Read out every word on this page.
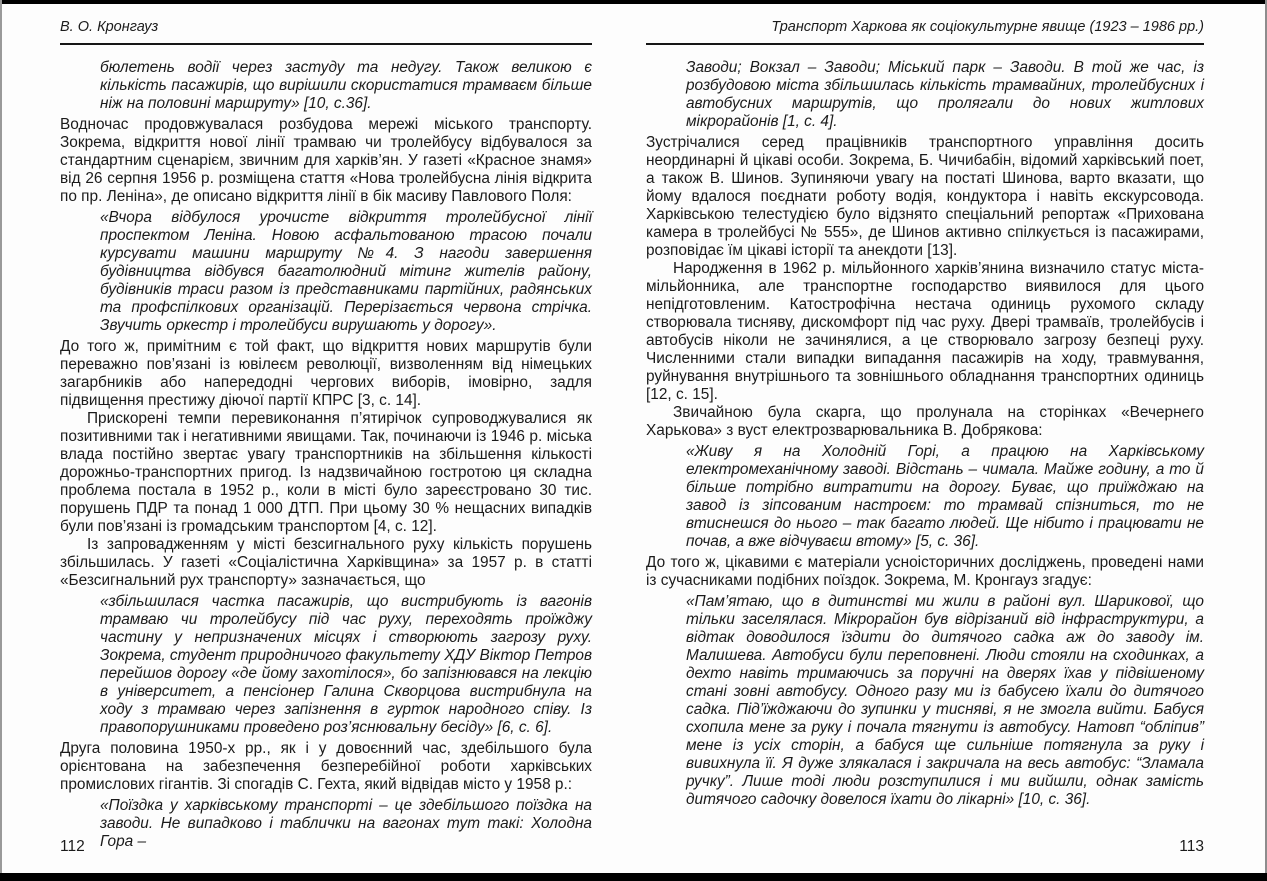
В. О. Кронгауз

бюлетень водії через застуду та недугу. Також великою є кількість пасажирів, що вирішили скористатися трамваєм більше ніж на половині маршруту» [10, с.36].

Водночас продовжувалася розбудова мережі міського транспорту. Зокрема, відкриття нової лінії трамваю чи тролейбусу відбувалося за стандартним сценарієм, звичним для харків’ян. У газеті «Красное знамя» від 26 серпня 1956 р. розміщена стаття «Нова тролейбусна лінія відкрита по пр. Леніна», де описано відкриття лінії в бік масиву Павлового Поля:

«Вчора відбулося урочисте відкриття тролейбусної лінії проспектом Леніна. Новою асфальтованою трасою почали курсувати машини маршруту №4. З нагоди завершення будівництва відбувся багатолюдний мітинг жителів району, будівників траси разом із представниками партійних, радянських та профспілкових організацій. Перерізається червона стрічка. Звучить оркестр і тролейбуси вирушають у дорогу».

До того ж, примітним є той факт, що відкриття нових маршрутів були переважно пов’язані із ювілеєм революції, визволенням від німецьких загарбників або напередодні чергових виборів, імовірно, задля підвищення престижу діючої партії КПРС [3, с. 14].

Прискорені темпи перевиконання п’ятирічок супроводжувалися як позитивними так і негативними явищами. Так, починаючи із 1946 р. міська влада постійно звертає увагу транспортників на збільшення кількості дорожньо-транспортних пригод. Із надзвичайною гостротою ця складна проблема постала в 1952 р., коли в місті було зареєстровано 30 тис. порушень ПДР та понад 1 000 ДТП. При цьому 30 % нещасних випадків були пов’язані із громадським транспортом [4, с. 12].

Із запровадженням у місті безсигнального руху кількість порушень збільшилась. У газеті «Соціалістична Харківщина» за 1957 р. в статті «Безсигнальний рух транспорту» зазначається, що

«збільшилася частка пасажирів, що вистрибують із вагонів трамваю чи тролейбусу під час руху, переходять проїжджу частину у непризначених місцях і створюють загрозу руху. Зокрема, студент природничого факультету ХДУ Віктор Петров перейшов дорогу «де йому захотілося», бо запізнювався на лекцію в університет, а пенсіонер Галина Скворцова вистрибнула на ходу з трамваю через запізнення в гурток народного співу. Із правопорушниками проведено роз’яснювальну бесіду» [6, с. 6].

Друга половина 1950-х рр., як і у довоєнний час, здебільшого була орієнтована на забезпечення безперебійної роботи харківських промислових гігантів. Зі спогадів С. Гехта, який відвідав місто у 1958 р.:

«Поїздка у харківському транспорті – це здебільшого поїздка на заводи. Не випадково і таблички на вагонах тут такі: Холодна Гора –

Транспорт Харкова як соціокультурне явище (1923 – 1986 рр.)

Заводи; Вокзал – Заводи; Міський парк – Заводи. В той же час, із розбудовою міста збільшилась кількість трамвайних, тролейбусних і автобусних маршрутів, що пролягали до нових житлових мікрорайонів [1, с. 4].

Зустрічалися серед працівників транспортного управління досить неординарні й цікаві особи. Зокрема, Б. Чичибабін, відомий харківський поет, а також В. Шинов. Зупиняючи увагу на постаті Шинова, варто вказати, що йому вдалося поєднати роботу водія, кондуктора і навіть екскурсовода. Харківською телестудією було відзнято спеціальний репортаж «Прихована камера в тролейбусі № 555», де Шинов активно спілкується із пасажирами, розповідає їм цікаві історії та анекдоти [13].

Народження в 1962 р. мільйонного харків’янина визначило статус міста-мільйонника, але транспортне господарство виявилося для цього непідготовленим. Катострофічна нестача одиниць рухомого складу створювала тисняву, дискомфорт під час руху. Двері трамваїв, тролейбусів і автобусів ніколи не зачинялися, а це створювало загрозу безпеці руху. Численними стали випадки випадання пасажирів на ходу, травмування, руйнування внутрішнього та зовнішнього обладнання транспортних одиниць [12, с. 15].

Звичайною була скарга, що пролунала на сторінках «Вечернего Харькова» з вуст електрозварювальника В. Добрякова:

«Живу я на Холодній Горі, а працюю на Харківському електромеханічному заводі. Відстань – чимала. Майже годину, а то й більше потрібно витратити на дорогу. Буває, що приїжджаю на завод із зіпсованим настроєм: то трамвай спізниться, то не втиснешся до нього – так багато людей. Ще нібито і працювати не почав, а вже відчуваєш втому» [5, с. 36].

До того ж, цікавими є матеріали усноісторичних досліджень, проведені нами із сучасниками подібних поїздок. Зокрема, М. Кронгауз згадує:

«Пам’ятаю, що в дитинстві ми жили в районі вул. Шарикової, що тільки заселялася. Мікрорайон був відрізаний від інфраструктури, а відтак доводилося їздити до дитячого садка аж до заводу ім. Малишева. Автобуси були переповнені. Люди стояли на сходинках, а дехто навіть тримаючись за поручні на дверях їхав у підвішеному стані зовні автобусу. Одного разу ми із бабусею їхали до дитячого садка. Під’їжджаючи до зупинки у тисняві, я не змогла вийти. Бабуся схопила мене за руку і почала тягнути із автобусу. Натовп “обліпив” мене із усіх сторін, а бабуся ще сильніше потягнула за руку і вивихнула її. Я дуже злякалася і закричала на весь автобус: “Зламала ручку”. Лише тоді люди розступилися і ми вийшли, однак замість дитячого садочку довелося їхати до лікарні» [10, с. 36].

112	113
